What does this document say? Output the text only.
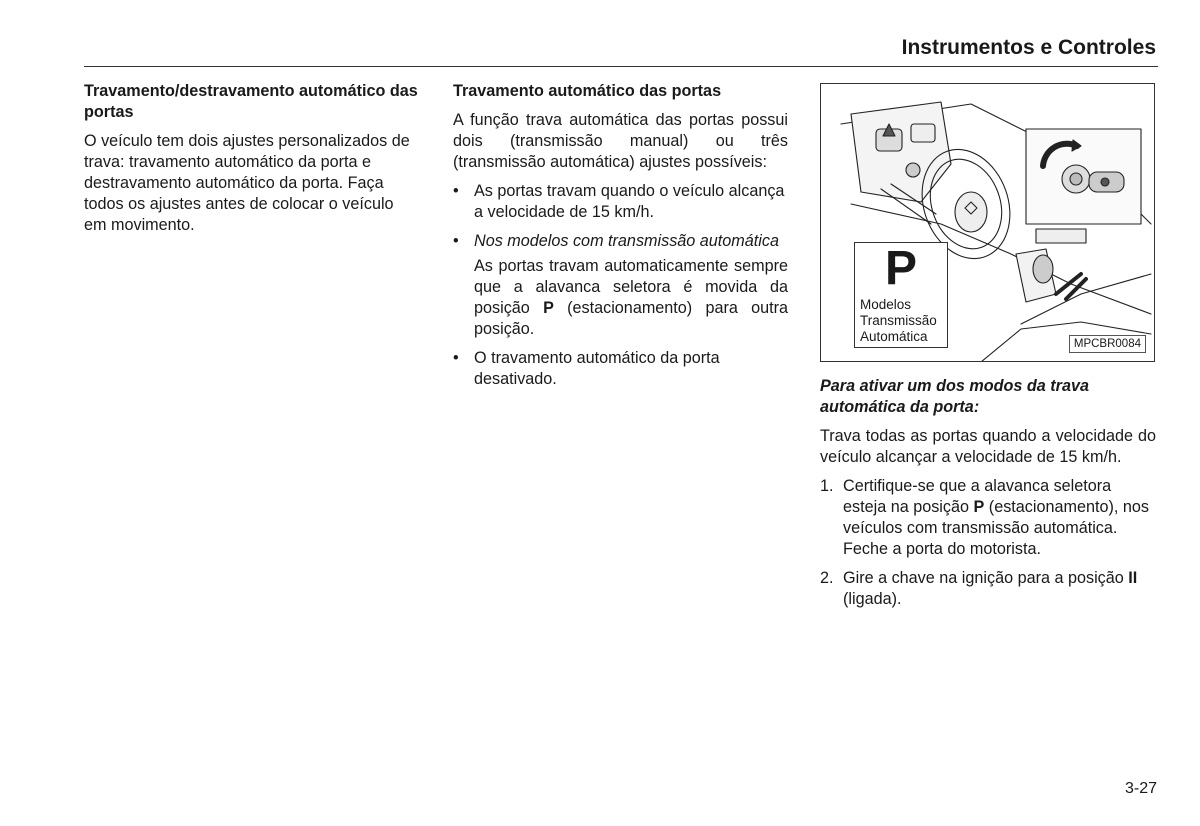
Instrumentos e Controles

Travamento/destravamento automático das portas

O veículo tem dois ajustes personalizados de trava: travamento automático da porta e destravamento automático da porta. Faça todos os ajustes antes de colocar o veículo em movimento.

Travamento automático das portas

A função trava automática das portas possui dois (transmissão manual) ou três (transmissão automática) ajustes possíveis:

• As portas travam quando o veículo alcança a velocidade de 15 km/h.
• Nos modelos com transmissão automática
As portas travam automaticamente sempre que a alavanca seletora é movida da posição P (estacionamento) para outra posição.
• O travamento automático da porta desativado.
P
Modelos
Transmissão
Automática	MPCBR0084

Para ativar um dos modos da trava automática da porta:

Trava todas as portas quando a velocidade do veículo alcançar a velocidade de 15 km/h.

1. Certifique-se que a alavanca seletora esteja na posição P (estacionamento), nos veículos com transmissão automática. Feche a porta do motorista.
2. Gire a chave na ignição para a posição II (ligada).
3-27
